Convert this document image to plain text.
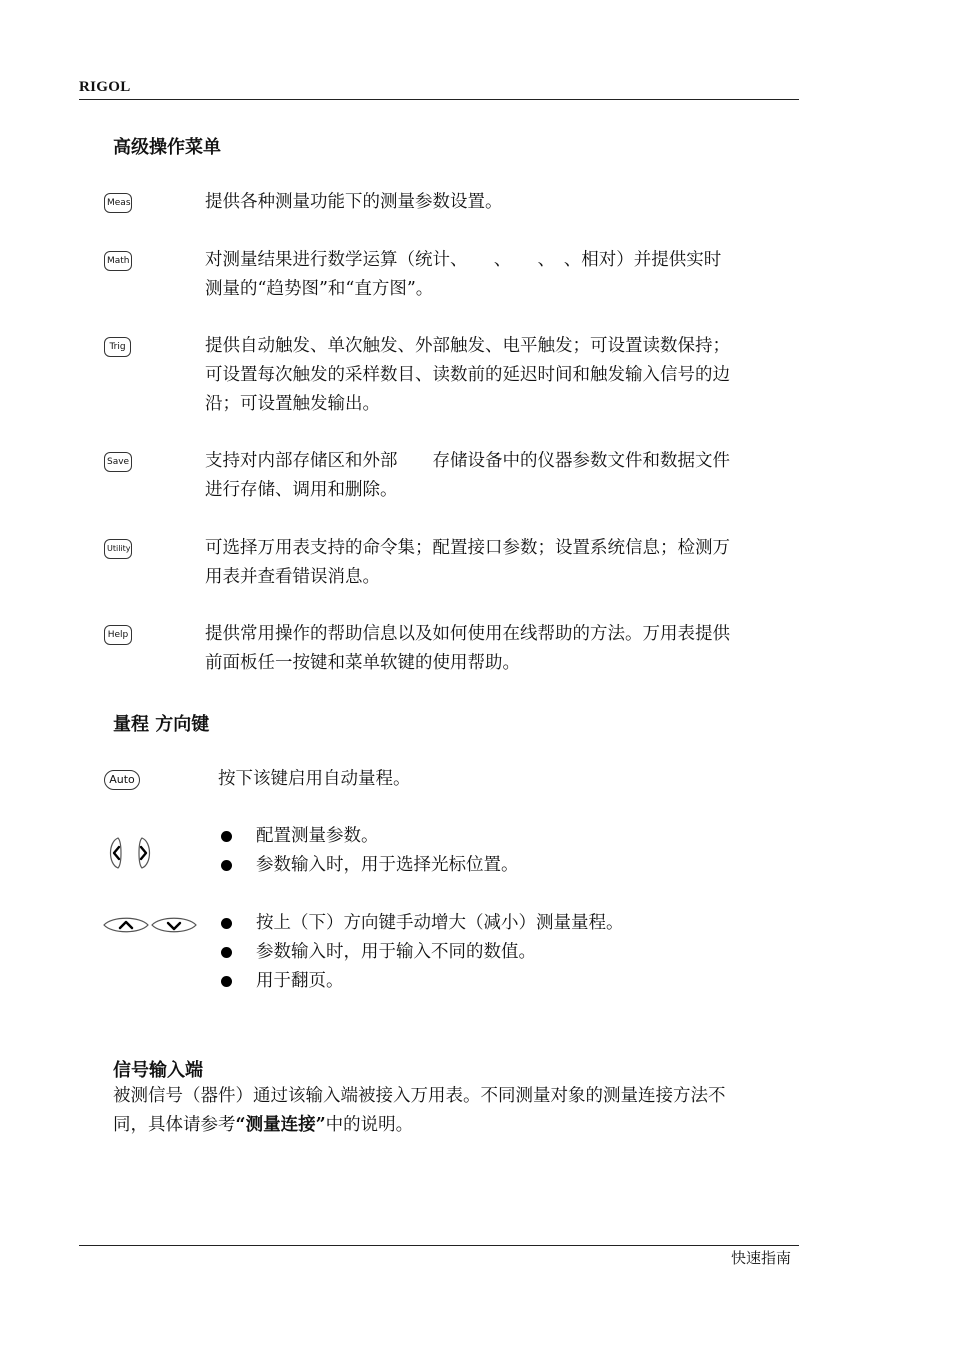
RIGOL
高级操作菜单
Meas	提供各种测量功能下的测量参数设置。
Math	对测量结果进行数学运算（统计、　　、　　、　、相对）并提供实时
测量的“趋势图”和“直方图”。
Trig	提供自动触发、单次触发、外部触发、电平触发；可设置读数保持；
可设置每次触发的采样数目、读数前的延迟时间和触发输入信号的边
沿；可设置触发输出。
Save	支持对内部存储区和外部　　存储设备中的仪器参数文件和数据文件
进行存储、调用和删除。
Utility	可选择万用表支持的命令集；配置接口参数；设置系统信息；检测万
用表并查看错误消息。
Help	提供常用操作的帮助信息以及如何使用在线帮助的方法。万用表提供
前面板任一按键和菜单软键的使用帮助。
量程 方向键
Auto	按下该键启用自动量程。
配置测量参数。
参数输入时，用于选择光标位置。
按上（下）方向键手动增大（减小）测量量程。
参数输入时，用于输入不同的数值。
用于翻页。
信号输入端
被测信号（器件）通过该输入端被接入万用表。不同测量对象的测量连接方法不
同，具体请参考“测量连接”中的说明。
快速指南
